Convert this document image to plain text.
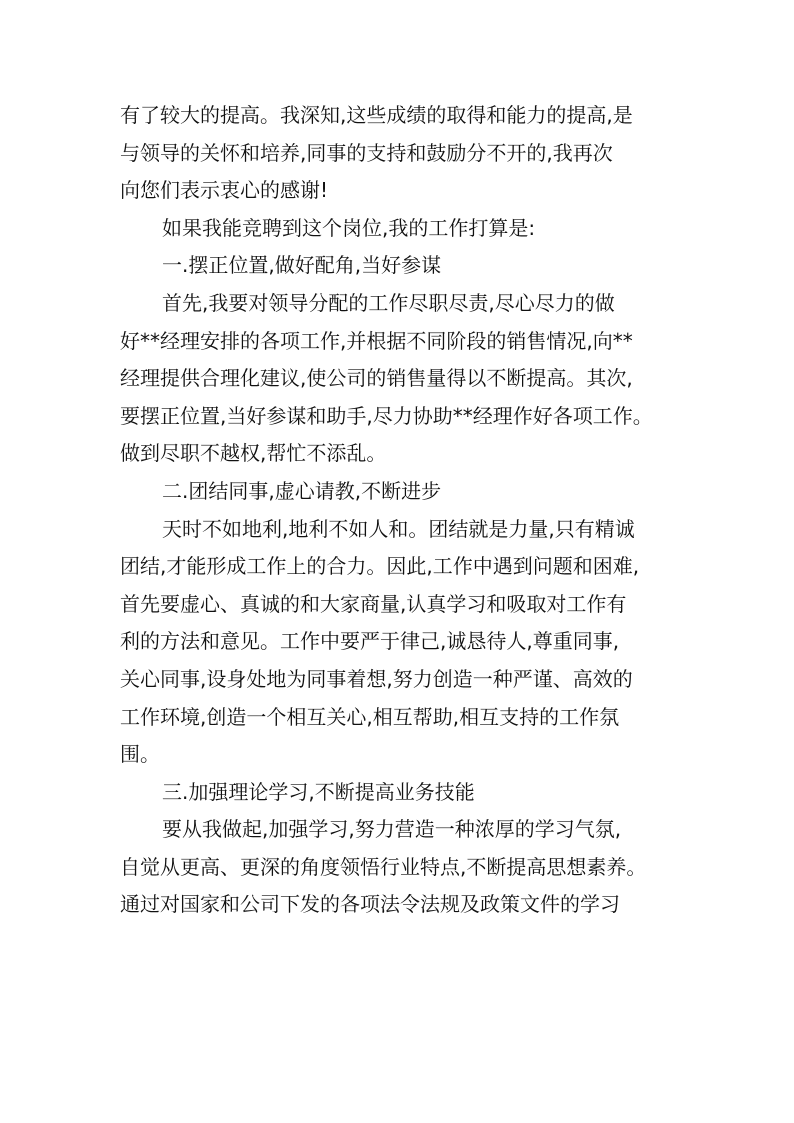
有了较大的提高。我深知,这些成绩的取得和能力的提高,是
与领导的关怀和培养,同事的支持和鼓励分不开的,我再次
向您们表示衷心的感谢!
如果我能竞聘到这个岗位,我的工作打算是:
一.摆正位置,做好配角,当好参谋
首先,我要对领导分配的工作尽职尽责,尽心尽力的做
好**经理安排的各项工作,并根据不同阶段的销售情况,向**
经理提供合理化建议,使公司的销售量得以不断提高。其次,
要摆正位置,当好参谋和助手,尽力协助**经理作好各项工作。
做到尽职不越权,帮忙不添乱。
二.团结同事,虚心请教,不断进步
天时不如地利,地利不如人和。团结就是力量,只有精诚
团结,才能形成工作上的合力。因此,工作中遇到问题和困难,
首先要虚心、真诚的和大家商量,认真学习和吸取对工作有
利的方法和意见。工作中要严于律己,诚恳待人,尊重同事,
关心同事,设身处地为同事着想,努力创造一种严谨、高效的
工作环境,创造一个相互关心,相互帮助,相互支持的工作氛
围。
三.加强理论学习,不断提高业务技能
要从我做起,加强学习,努力营造一种浓厚的学习气氛,
自觉从更高、更深的角度领悟行业特点,不断提高思想素养。
通过对国家和公司下发的各项法令法规及政策文件的学习
